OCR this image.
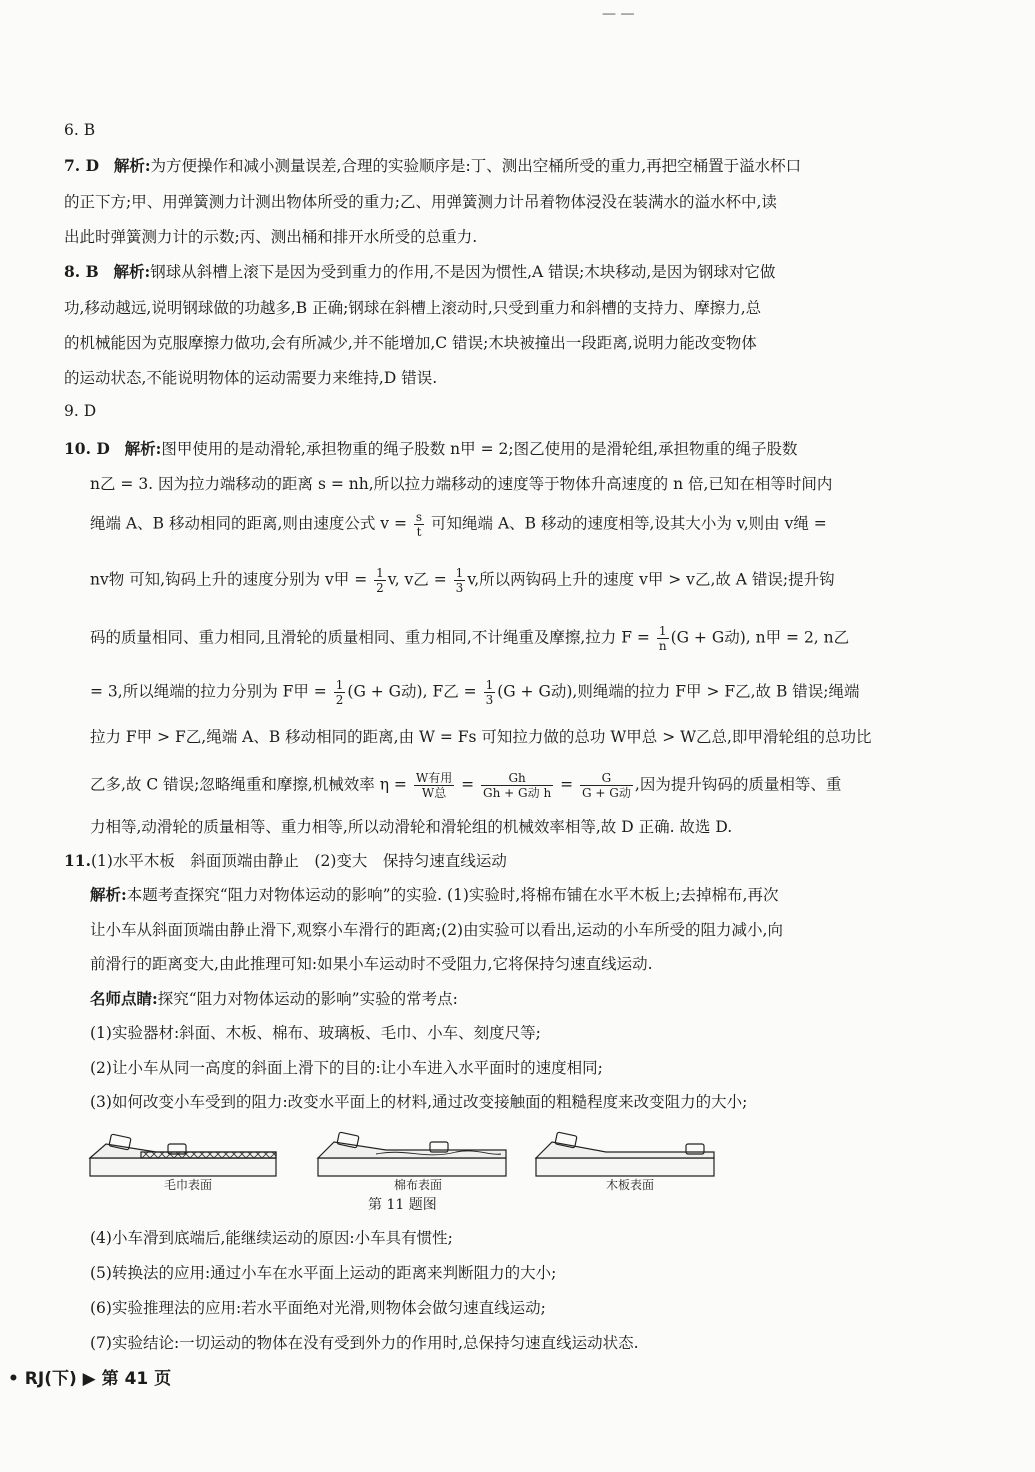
— —
6. B
7. D 解析:为方便操作和减小测量误差,合理的实验顺序是:丁、测出空桶所受的重力,再把空桶置于溢水杯口
的正下方;甲、用弹簧测力计测出物体所受的重力;乙、用弹簧测力计吊着物体浸没在装满水的溢水杯中,读
出此时弹簧测力计的示数;丙、测出桶和排开水所受的总重力.
8. B 解析:钢球从斜槽上滚下是因为受到重力的作用,不是因为惯性,A 错误;木块移动,是因为钢球对它做
功,移动越远,说明钢球做的功越多,B 正确;钢球在斜槽上滚动时,只受到重力和斜槽的支持力、摩擦力,总
的机械能因为克服摩擦力做功,会有所减少,并不能增加,C 错误;木块被撞出一段距离,说明力能改变物体
的运动状态,不能说明物体的运动需要力来维持,D 错误.
9. D
10. D 解析:图甲使用的是动滑轮,承担物重的绳子股数 n甲 = 2;图乙使用的是滑轮组,承担物重的绳子股数
n乙 = 3. 因为拉力端移动的距离 s = nh,所以拉力端移动的速度等于物体升高速度的 n 倍,已知在相等时间内
绳端 A、B 移动相同的距离,则由速度公式 $v = \frac{s}{t}$ 可知绳端 A、B 移动的速度相等,设其大小为 v,则由 v绳 =
nv物 可知,钩码上升的速度分别为 v甲 = $\frac{1}{2} v$, v乙 = $\frac{1}{3} v$,所以两钩码上升的速度 v甲 > v乙,故 A 错误;提升钩
码的质量相同、重力相同,且滑轮的质量相同、重力相同,不计绳重及摩擦,拉力 $F = \frac{1}{n} (G + G$动), n甲 = 2, n乙
= 3,所以绳端的拉力分别为 F甲 = $\frac{1}{2} (G + G$动), F乙 = $\frac{1}{3} (G + G$动),则绳端的拉力 F甲 > F乙,故 B 错误;绳端
拉力 F甲 > F乙,绳端 A、B 移动相同的距离,由 W = Fs 可知拉力做的总功 W甲总 > W乙总,即甲滑轮组的总功比
乙多,故 C 错误;忽略绳重和摩擦,机械效率 $\eta = \frac{\text{W有用}}{\text{W总}} = \frac{Gh}{\text{Gh + G动 h}} = \frac{G}{\text{G + G动}}$ ,因为提升钩码的质量相等、重
力相等,动滑轮的质量相等、重力相等,所以动滑轮和滑轮组的机械效率相等,故 D 正确. 故选 D.
11.(1)水平木板　斜面顶端由静止　(2)变大　保持匀速直线运动
解析:本题考查探究“阻力对物体运动的影响”的实验. (1)实验时,将棉布铺在水平木板上;去掉棉布,再次
让小车从斜面顶端由静止滑下,观察小车滑行的距离;(2)由实验可以看出,运动的小车所受的阻力减小,向
前滑行的距离变大,由此推理可知:如果小车运动时不受阻力,它将保持匀速直线运动.
名师点睛:探究“阻力对物体运动的影响”实验的常考点:
(1)实验器材:斜面、木板、棉布、玻璃板、毛巾、小车、刻度尺等;
(2)让小车从同一高度的斜面上滑下的目的:让小车进入水平面时的速度相同;
(3)如何改变小车受到的阻力:改变水平面上的材料,通过改变接触面的粗糙程度来改变阻力的大小;
毛巾表面	棉布表面	木板表面
第 11 题图
(4)小车滑到底端后,能继续运动的原因:小车具有惯性;
(5)转换法的应用:通过小车在水平面上运动的距离来判断阻力的大小;
(6)实验推理法的应用:若水平面绝对光滑,则物体会做匀速直线运动;
(7)实验结论:一切运动的物体在没有受到外力的作用时,总保持匀速直线运动状态.
• RJ(下) ▶ 第 41 页
